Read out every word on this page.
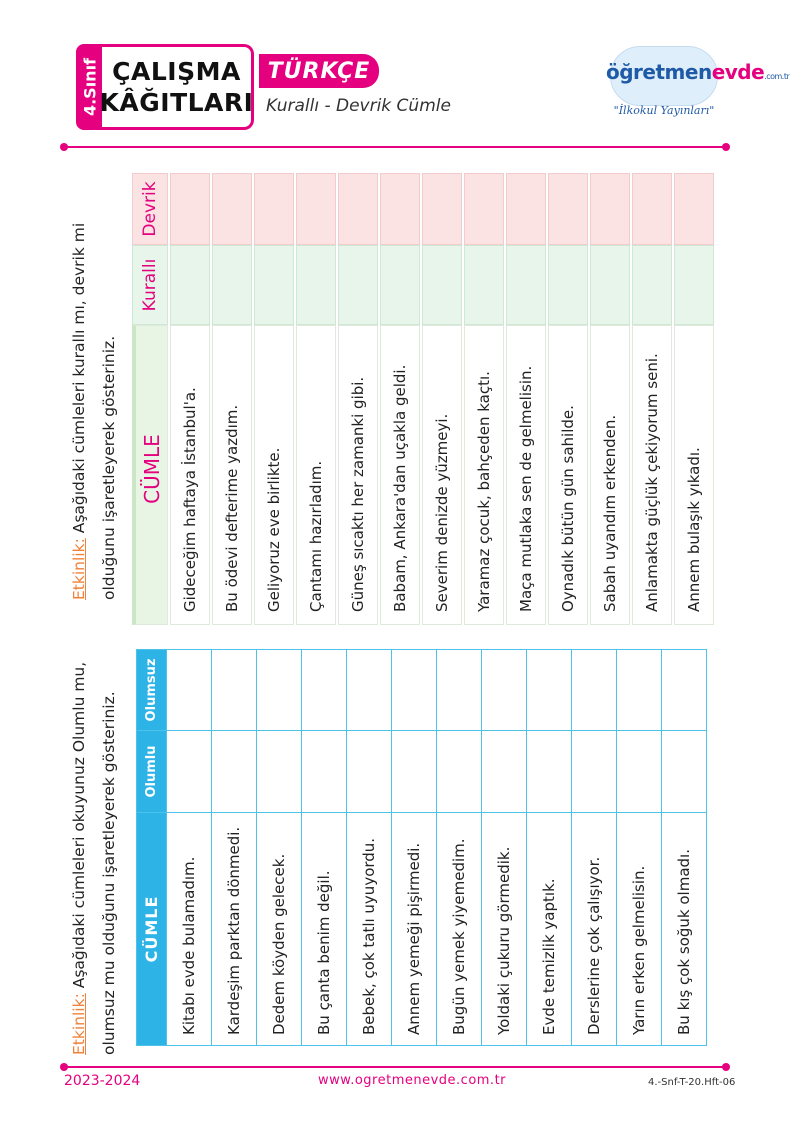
4.Sınıf ÇALIŞMA
KÂĞITLARI
TÜRKÇE
Kurallı - Devrik Cümle
öğretmenevde.com.tr
"İlkokul Yayınları"
Etkinlik: Aşağıdaki cümleleri okuyunuz Olumlu mu, olumsuz mu olduğunu işaretleyerek gösteriniz.	CÜMLE	Olumlu	Olumsuz
Kitabı evde bulamadım.		
Kardeşim parktan dönmedi.		
Dedem köyden gelecek.		
Bu çanta benim değil.		
Bebek, çok tatlı uyuyordu.		
Annem yemeği pişirmedi.		
Bugün yemek yiyemedim.		
Yoldaki çukuru görmedik.		
Evde temizlik yaptık.		
Derslerine çok çalışıyor.		
Yarın erken gelmelisin.		
Bu kış çok soğuk olmadı.		
Etkinlik: Aşağıdaki cümleleri kurallı mı, devrik mi olduğunu işaretleyerek gösteriniz.	CÜMLE	Kurallı	Devrik
Gideceğim haftaya İstanbul'a.		
Bu ödevi defterime yazdım.		
Geliyoruz eve birlikte.		
Çantamı hazırladım.		
Güneş sıcaktı her zamanki gibi.		
Babam, Ankara'dan uçakla geldi.		
Severim denizde yüzmeyi.		
Yaramaz çocuk, bahçeden kaçtı.		
Maça mutlaka sen de gelmelisin.		
Oynadık bütün gün sahilde.		
Sabah uyandım erkenden.		
Anlamakta güçlük çekiyorum seni.		
Annem bulaşık yıkadı.		
2023-2024	www.ogretmenevde.com.tr	4.-Snf-T-20.Hft-06
